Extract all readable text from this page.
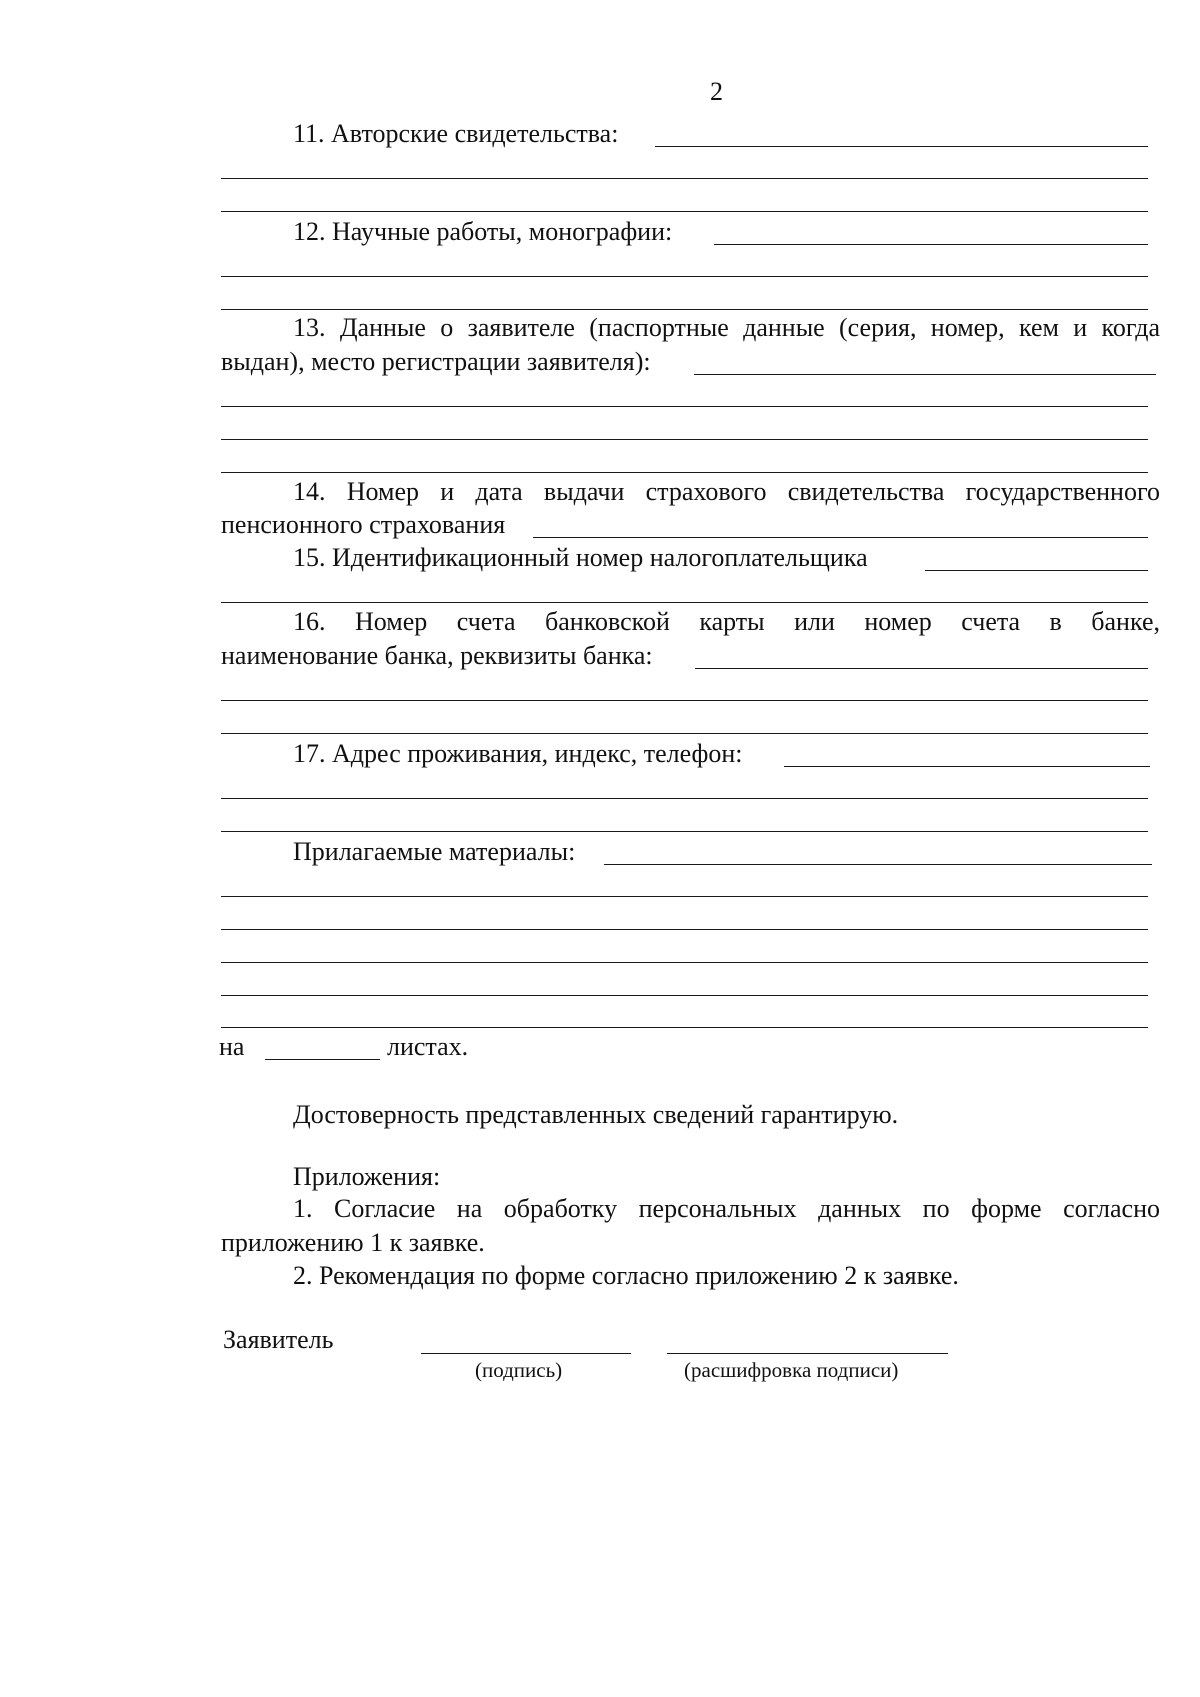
2
11. Авторские свидетельства:
12. Научные работы, монографии:
13. Данные о заявителе (паспортные данные (серия, номер, кем и когда
выдан), место регистрации заявителя):
14. Номер и дата выдачи страхового свидетельства государственного
пенсионного страхования
15. Идентификационный номер налогоплательщика
16. Номер счета банковской карты или номер счета в банке,
наименование банка, реквизиты банка:
17. Адрес проживания, индекс, телефон:
Прилагаемые материалы:
на	листах.
Достоверность представленных сведений гарантирую.
Приложения:
1. Согласие на обработку персональных данных по форме согласно
приложению 1 к заявке.
2. Рекомендация по форме согласно приложению 2 к заявке.
Заявитель
(подпись)	(расшифровка подписи)
